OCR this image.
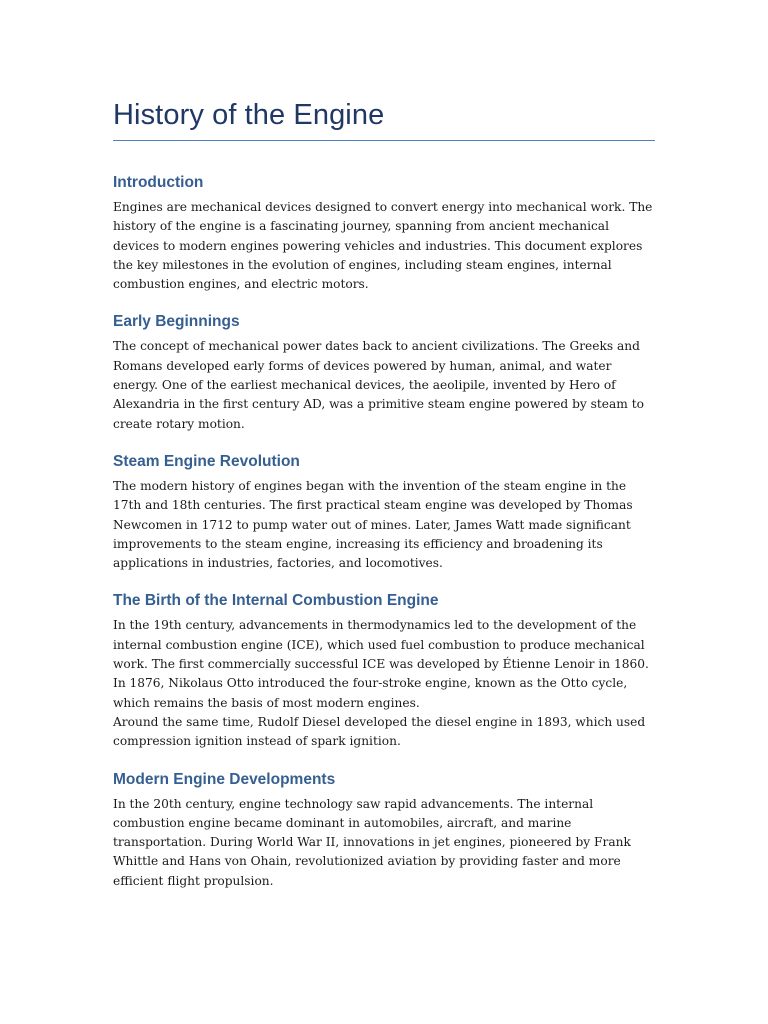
History of the Engine
Introduction

Engines are mechanical devices designed to convert energy into mechanical work. The history of the engine is a fascinating journey, spanning from ancient mechanical devices to modern engines powering vehicles and industries. This document explores the key milestones in the evolution of engines, including steam engines, internal combustion engines, and electric motors.

Early Beginnings

The concept of mechanical power dates back to ancient civilizations. The Greeks and Romans developed early forms of devices powered by human, animal, and water energy. One of the earliest mechanical devices, the aeolipile, invented by Hero of Alexandria in the first century AD, was a primitive steam engine powered by steam to create rotary motion.

Steam Engine Revolution

The modern history of engines began with the invention of the steam engine in the 17th and 18th centuries. The first practical steam engine was developed by Thomas Newcomen in 1712 to pump water out of mines. Later, James Watt made significant improvements to the steam engine, increasing its efficiency and broadening its applications in industries, factories, and locomotives.

The Birth of the Internal Combustion Engine

In the 19th century, advancements in thermodynamics led to the development of the internal combustion engine (ICE), which used fuel combustion to produce mechanical work. The first commercially successful ICE was developed by Étienne Lenoir in 1860. In 1876, Nikolaus Otto introduced the four-stroke engine, known as the Otto cycle, which remains the basis of most modern engines.

Around the same time, Rudolf Diesel developed the diesel engine in 1893, which used compression ignition instead of spark ignition.

Modern Engine Developments

In the 20th century, engine technology saw rapid advancements. The internal combustion engine became dominant in automobiles, aircraft, and marine transportation. During World War II, innovations in jet engines, pioneered by Frank Whittle and Hans von Ohain, revolutionized aviation by providing faster and more efficient flight propulsion.
